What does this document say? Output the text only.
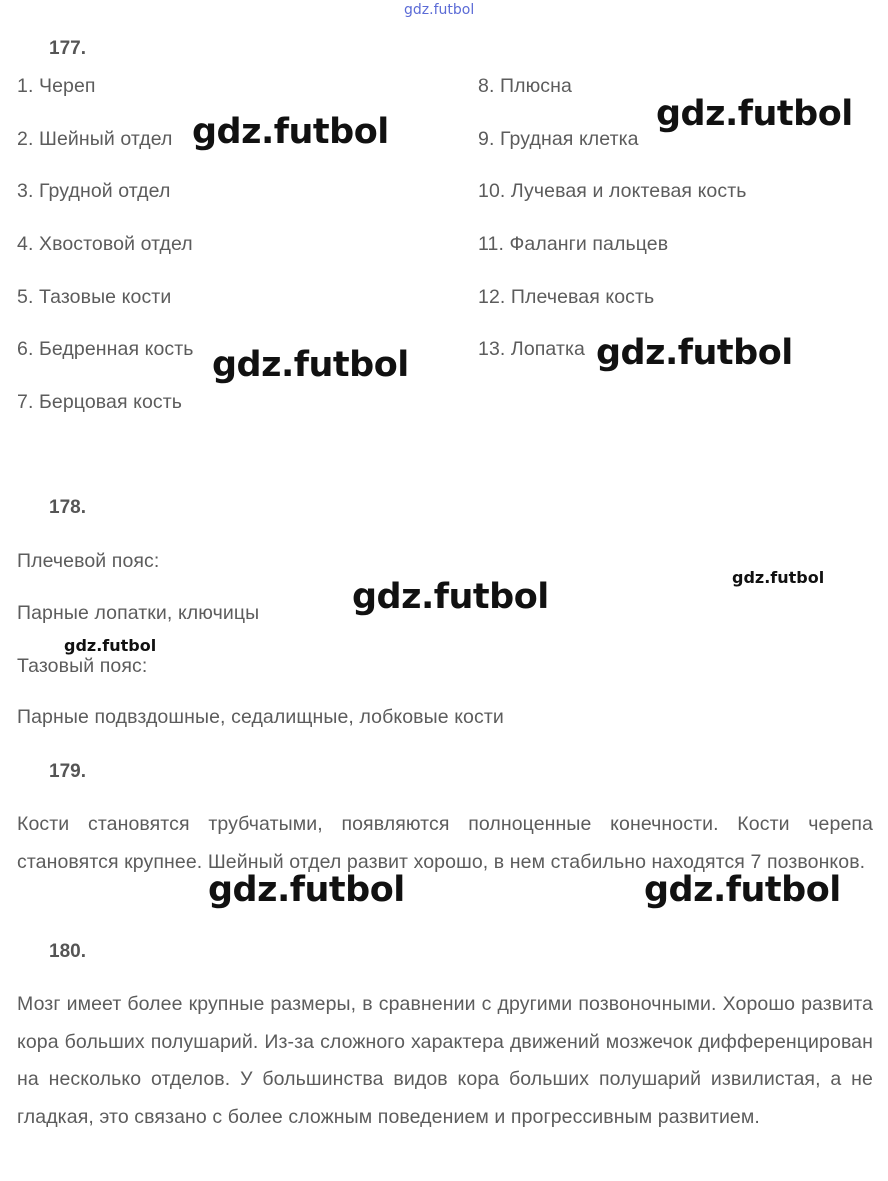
gdz.futbol
177.
1. Череп
2. Шейный отдел
3. Грудной отдел
4. Хвостовой отдел
5. Тазовые кости
6. Бедренная кость
7. Берцовая кость
8. Плюсна
9. Грудная клетка
10. Лучевая и локтевая кость
11. Фаланги пальцев
12. Плечевая кость
13. Лопатка
178.
Плечевой пояс:
Парные лопатки, ключицы
Тазовый пояс:
Парные подвздошные, седалищные, лобковые кости
179.
Кости становятся трубчатыми, появляются полноценные конечности. Кости черепа становятся крупнее. Шейный отдел развит хорошо, в нем стабильно находятся 7 позвонков.
180.
Мозг имеет более крупные размеры, в сравнении с другими позвоночными. Хорошо развита кора больших полушарий. Из-за сложного характера движений мозжечок дифференцирован на несколько отделов. У большинства видов кора больших полушарий извилистая, а не гладкая, это связано с более сложным поведением и прогрессивным развитием.
gdz.futbol	gdz.futbol
gdz.futbol	gdz.futbol
gdz.futbol
gdz.futbol	gdz.futbol
gdz.futbol
gdz.futbol
